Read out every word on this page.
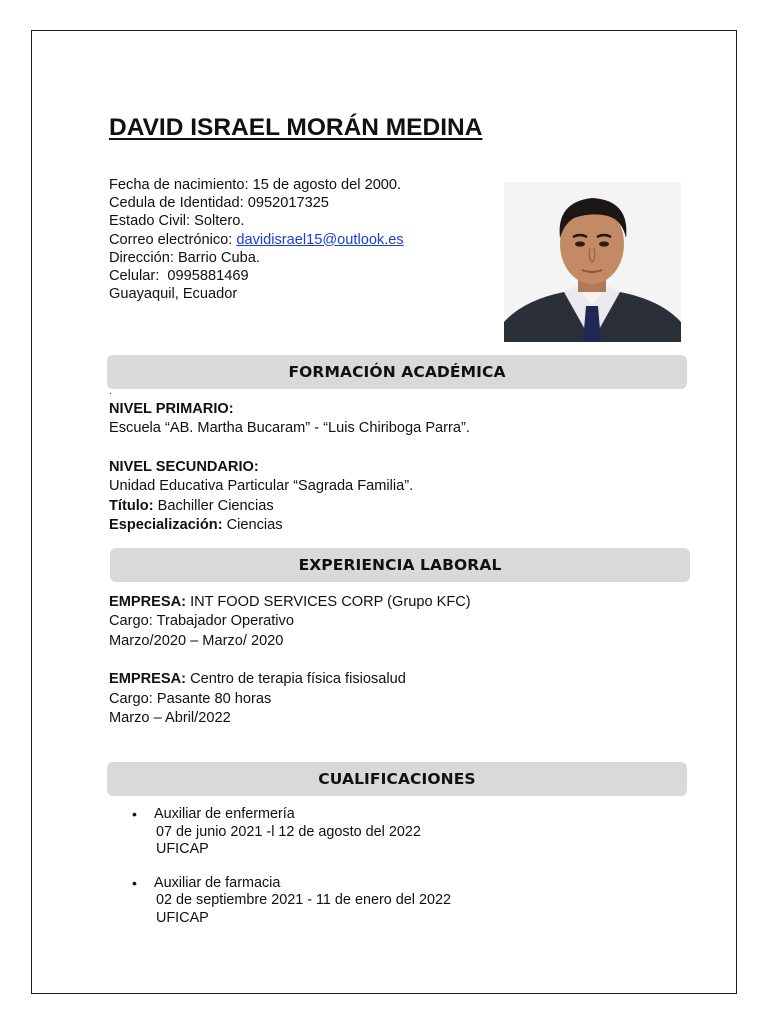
DAVID ISRAEL MORÁN MEDINA
Fecha de nacimiento: 15 de agosto del 2000.
Cedula de Identidad: 0952017325
Estado Civil: Soltero.
Correo electrónico: davidisrael15@outlook.es
Dirección: Barrio Cuba.
Celular:  0995881469
Guayaquil, Ecuador
FORMACIÓN ACADÉMICA
.
NIVEL PRIMARIO:
Escuela “AB. Martha Bucaram” - “Luis Chiriboga Parra”.
NIVEL SECUNDARIO:
Unidad Educativa Particular “Sagrada Familia”.
Título: Bachiller Ciencias
Especialización: Ciencias
EXPERIENCIA LABORAL
EMPRESA: INT FOOD SERVICES CORP (Grupo KFC)
Cargo: Trabajador Operativo
Marzo/2020 – Marzo/ 2020
EMPRESA: Centro de terapia física fisiosalud
Cargo: Pasante 80 horas
Marzo – Abril/2022
CUALIFICACIONES
• Auxiliar de enfermería
07 de junio 2021 -l 12 de agosto del 2022
UFICAP
• Auxiliar de farmacia
02 de septiembre 2021 - 11 de enero del 2022
UFICAP
